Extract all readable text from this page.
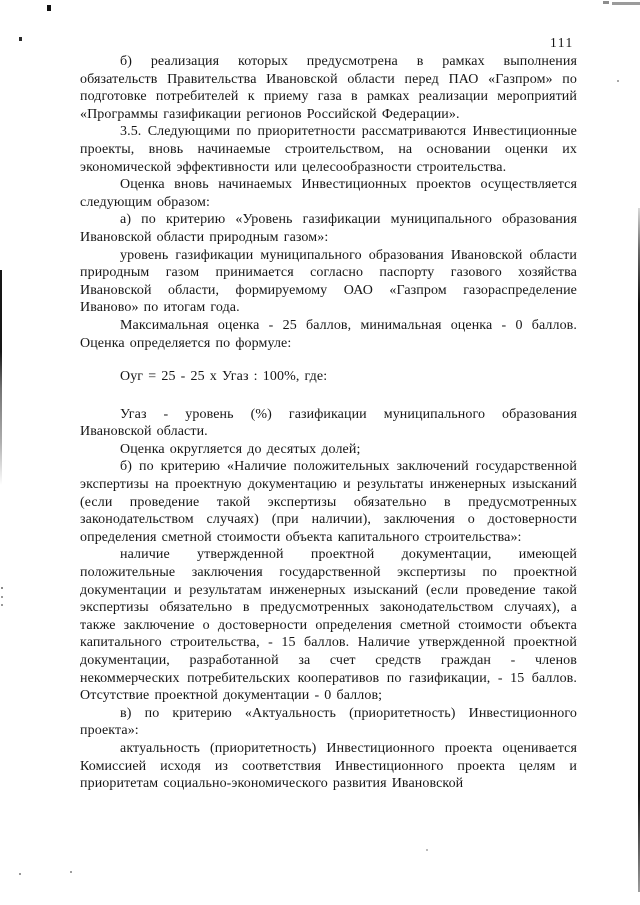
111

б) реализация которых предусмотрена в рамках выполнения обязательств Правительства Ивановской области перед ПАО «Газпром» по подготовке потребителей к приему газа в рамках реализации мероприятий «Программы газификации регионов Российской Федерации».

3.5. Следующими по приоритетности рассматриваются Инвестиционные проекты, вновь начинаемые строительством, на основании оценки их экономической эффективности или целесообразности строительства.

Оценка вновь начинаемых Инвестиционных проектов осуществляется следующим образом:

а) по критерию «Уровень газификации муниципального образования Ивановской области природным газом»:

уровень газификации муниципального образования Ивановской области природным газом принимается согласно паспорту газового хозяйства Ивановской области, формируемому ОАО «Газпром газораспределение Иваново» по итогам года.

Максимальная оценка - 25 баллов, минимальная оценка - 0 баллов. Оценка определяется по формуле:

Оуг = 25 - 25 х Угаз : 100%, где:

Угаз - уровень (%) газификации муниципального образования Ивановской области.

Оценка округляется до десятых долей;

б) по критерию «Наличие положительных заключений государственной экспертизы на проектную документацию и результаты инженерных изысканий (если проведение такой экспертизы обязательно в предусмотренных законодательством случаях) (при наличии), заключения о достоверности определения сметной стоимости объекта капитального строительства»:

наличие утвержденной проектной документации, имеющей положительные заключения государственной экспертизы по проектной документации и результатам инженерных изысканий (если проведение такой экспертизы обязательно в предусмотренных законодательством случаях), а также заключение о достоверности определения сметной стоимости объекта капитального строительства, - 15 баллов. Наличие утвержденной проектной документации, разработанной за счет средств граждан - членов некоммерческих потребительских кооперативов по газификации, - 15 баллов. Отсутствие проектной документации - 0 баллов;

в) по критерию «Актуальность (приоритетность) Инвестиционного проекта»:

актуальность (приоритетность) Инвестиционного проекта оценивается Комиссией исходя из соответствия Инвестиционного проекта целям и приоритетам социально-экономического развития Ивановской
